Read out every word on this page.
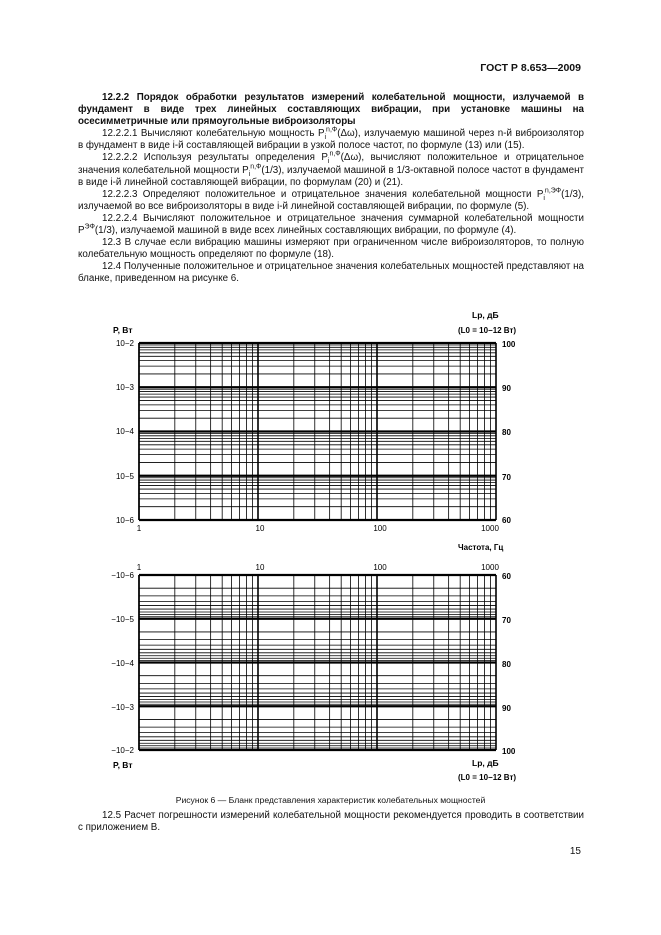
ГОСТ Р 8.653—2009

12.2.2 Порядок обработки результатов измерений колебательной мощности, излучаемой в фундамент в виде трех линейных составляющих вибрации, при установке машины на осесимметричные или прямоугольные виброизоляторы

12.2.2.1 Вычисляют колебательную мощность $P_i^{n,Ф}(\Delta\omega)$, излучаемую машиной через n-й виброизолятор в фундамент в виде i-й составляющей вибрации в узкой полосе частот, по формуле (13) или (15).

12.2.2.2 Используя результаты определения $P_i^{n,Ф}(\Delta\omega)$, вычисляют положительное и отрицательное значения колебательной мощности $P_i^{n,Ф}(1/3)$, излучаемой машиной в 1/3-октавной полосе частот в фундамент в виде i-й линейной составляющей вибрации, по формулам (20) и (21).

12.2.2.3 Определяют положительное и отрицательное значения колебательной мощности $P_i^{n,ЭФ}(1/3)$, излучаемой во все виброизоляторы в виде i-й линейной составляющей вибрации, по формуле (5).

12.2.2.4 Вычисляют положительное и отрицательное значения суммарной колебательной мощности $P^{ЭФ}(1/3)$, излучаемой машиной в виде всех линейных составляющих вибрации, по формуле (4).

12.3 В случае если вибрацию машины измеряют при ограниченном числе виброизоляторов, то полную колебательную мощность определяют по формуле (18).

12.4 Полученные положительное и отрицательное значения колебательных мощностей представляют на бланке, приведенном на рисунке 6.

P, Вт
Lp, дБ
(L0 = 10−12 Вт)
10−2
10−3
10−4
10−5
10−6
100
90
80
70
60
1	10	100	1000
Частота, Гц
1	10	100	1000
−10−6
−10−5
−10−4
−10−3
−10−2
60
70
80
90
100
P, Вт	Lp, дБ
(L0 = 10−12 Вт)
Рисунок 6 — Бланк представления характеристик колебательных мощностей

12.5 Расчет погрешности измерений колебательной мощности рекомендуется проводить в соответствии с приложением В.

15
